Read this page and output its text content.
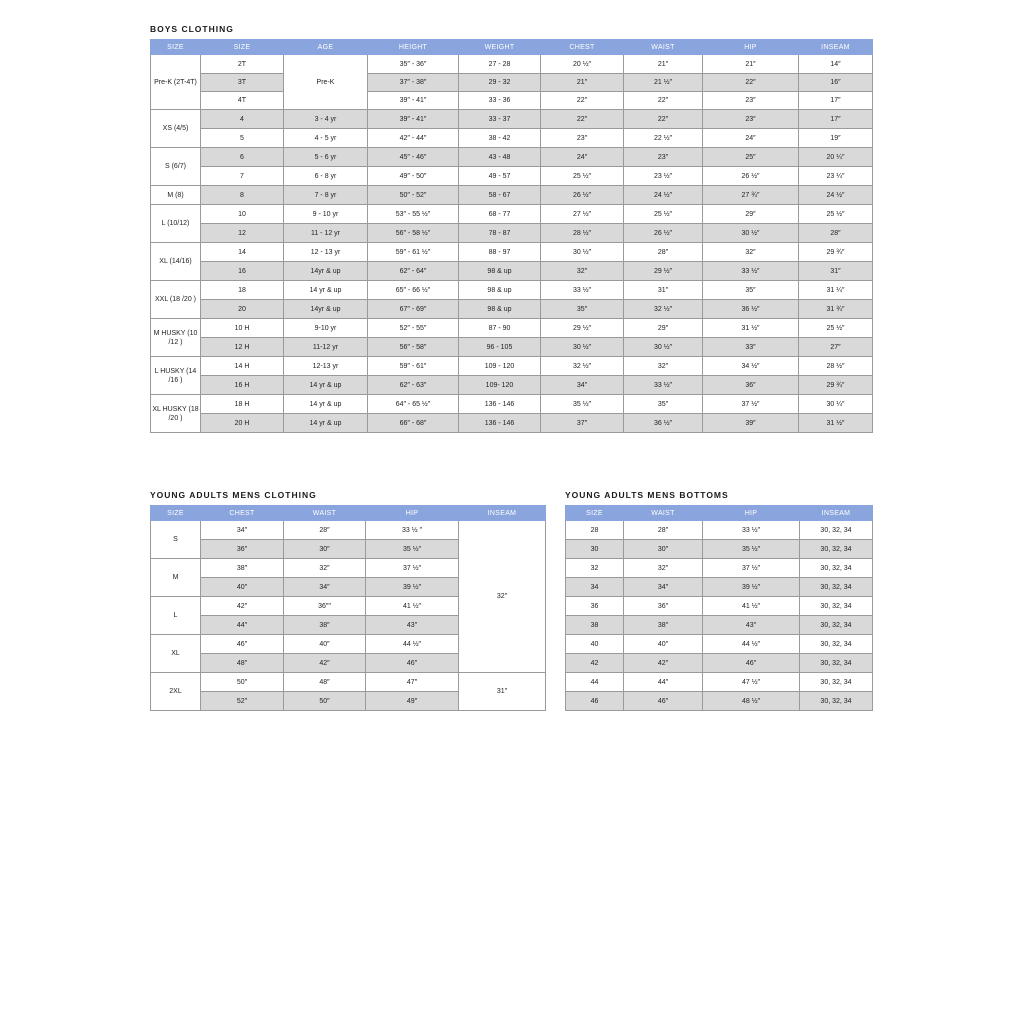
BOYS CLOTHING
SIZE	SIZE	AGE	HEIGHT	WEIGHT	CHEST	WAIST	HIP	INSEAM
Pre-K (2T-4T)	2T	Pre-K	35″ - 36″	27 - 28	20 ½″	21″	21″	14″
	3T		37″ - 38″	29 - 32	21″	21 ½″	22″	16″
	4T		39″ - 41″	33 - 36	22″	22″	23″	17″
XS (4/5)	4	3 - 4 yr	39″ - 41″	33 - 37	22″	22″	23″	17″
	5	4 - 5 yr	42″ - 44″	38 - 42	23″	22 ½″	24″	19″
S (6/7)	6	5 - 6 yr	45″ - 46″	43 - 48	24″	23″	25″	20 ¼″
	7	6 - 8 yr	49″ - 50″	49 - 57	25 ½″	23 ½″	26 ½″	23 ¼″
M (8)	8	7 - 8 yr	50″ - 52″	58 - 67	26 ½″	24 ½″	27 ¾″	24 ½″
L (10/12)	10	9 - 10 yr	53″ - 55 ½″	68 - 77	27 ½″	25 ½″	29″	25 ½″
	12	11 - 12 yr	56″ - 58 ½″	78 - 87	28 ½″	26 ½″	30 ½″	28″
XL (14/16)	14	12 - 13 yr	59″ - 61 ½″	88 - 97	30 ½″	28″	32″	29 ¾″
	16	14yr & up	62″ - 64″	98 & up	32″	29 ½″	33 ½″	31″
XXL (18 /20 )	18	14 yr & up	65″ - 66 ½″	98 & up	33 ½″	31″	35″	31 ¼″
	20	14yr & up	67″ - 69″	98 & up	35″	32 ½″	36 ½″	31 ¾″
M HUSKY (10 /12 )	10 H	9-10 yr	52″ - 55″	87 - 90	29 ½″	29″	31 ½″	25 ½″
	12 H	11-12 yr	56″ - 58″	96 - 105	30 ½″	30 ½″	33″	27″
L HUSKY (14 /16 )	14 H	12-13 yr	59″ - 61″	109 - 120	32 ½″	32″	34 ½″	28 ½″
	16 H	14 yr & up	62″ - 63″	109- 120	34″	33 ½″	36″	29 ¾″
XL HUSKY (18 /20 )	18 H	14 yr & up	64″ - 65 ½″	136 - 146	35 ½″	35″	37 ½″	30 ¼″
	20 H	14 yr & up	66″ - 68″	136 - 146	37″	36 ½″	39″	31 ½″
YOUNG ADULTS MENS CLOTHING
SIZE	CHEST	WAIST	HIP	INSEAM
S	34″	28″	33 ½ ″	32″
	36″	30″	35 ½″	
M	38″	32″	37 ½″	
	40″	34″	39 ½″	
L	42″	36″″	41 ½″	
	44″	38″	43″	
XL	46″	40″	44 ½″	
	48″	42″	46″	
2XL	50″	48″	47″	31″
	52″	50″	49″	
YOUNG ADULTS MENS BOTTOMS
SIZE	WAIST	HIP	INSEAM
28	28″	33 ½″	30, 32, 34
30	30″	35 ½″	30, 32, 34
32	32″	37 ½″	30, 32, 34
34	34″	39 ½″	30, 32, 34
36	36″	41 ½″	30, 32, 34
38	38″	43″	30, 32, 34
40	40″	44 ½″	30, 32, 34
42	42″	46″	30, 32, 34
44	44″	47 ½″	30, 32, 34
46	46″	48 ½″	30, 32, 34
